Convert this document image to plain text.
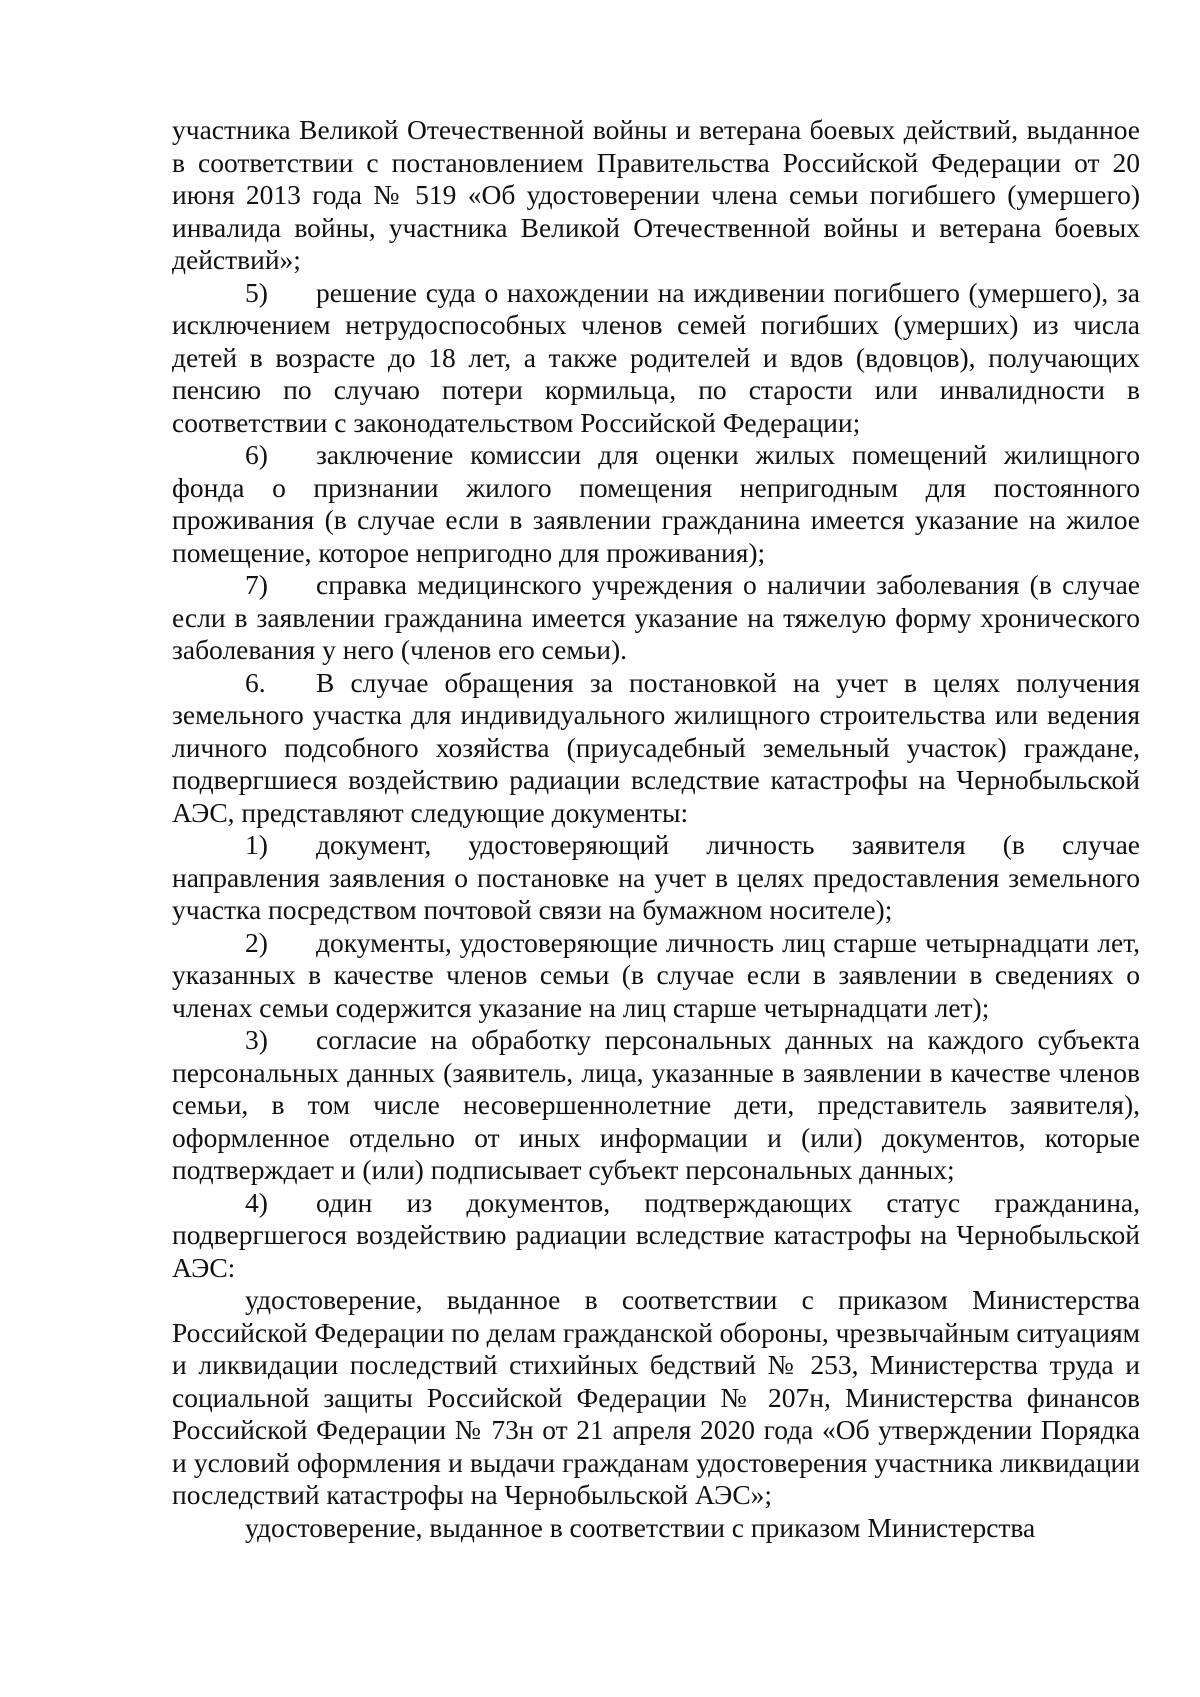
участника Великой Отечественной войны и ветерана боевых действий, выданное в соответствии с постановлением Правительства Российской Федерации от 20 июня 2013 года № 519 «Об удостоверении члена семьи погибшего (умершего) инвалида войны, участника Великой Отечественной войны и ветерана боевых действий»;

5) решение суда о нахождении на иждивении погибшего (умершего), за исключением нетрудоспособных членов семей погибших (умерших) из числа детей в возрасте до 18 лет, а также родителей и вдов (вдовцов), получающих пенсию по случаю потери кормильца, по старости или инвалидности в соответствии с законодательством Российской Федерации;

6) заключение комиссии для оценки жилых помещений жилищного фонда о признании жилого помещения непригодным для постоянного проживания (в случае если в заявлении гражданина имеется указание на жилое помещение, которое непригодно для проживания);

7) справка медицинского учреждения о наличии заболевания (в случае если в заявлении гражданина имеется указание на тяжелую форму хронического заболевания у него (членов его семьи).

6. В случае обращения за постановкой на учет в целях получения земельного участка для индивидуального жилищного строительства или ведения личного подсобного хозяйства (приусадебный земельный участок) граждане, подвергшиеся воздействию радиации вследствие катастрофы на Чернобыльской АЭС, представляют следующие документы:

1) документ, удостоверяющий личность заявителя (в случае направления заявления о постановке на учет в целях предоставления земельного участка посредством почтовой связи на бумажном носителе);

2) документы, удостоверяющие личность лиц старше четырнадцати лет, указанных в качестве членов семьи (в случае если в заявлении в сведениях о членах семьи содержится указание на лиц старше четырнадцати лет);

3) согласие на обработку персональных данных на каждого субъекта персональных данных (заявитель, лица, указанные в заявлении в качестве членов семьи, в том числе несовершеннолетние дети, представитель заявителя), оформленное отдельно от иных информации и (или) документов, которые подтверждает и (или) подписывает субъект персональных данных;

4) один из документов, подтверждающих статус гражданина, подвергшегося воздействию радиации вследствие катастрофы на Чернобыльской АЭС:

удостоверение, выданное в соответствии с приказом Министерства Российской Федерации по делам гражданской обороны, чрезвычайным ситуациям и ликвидации последствий стихийных бедствий № 253, Министерства труда и социальной защиты Российской Федерации № 207н, Министерства финансов Российской Федерации № 73н от 21 апреля 2020 года «Об утверждении Порядка и условий оформления и выдачи гражданам удостоверения участника ликвидации последствий катастрофы на Чернобыльской АЭС»;

удостоверение, выданное в соответствии с приказом Министерства
